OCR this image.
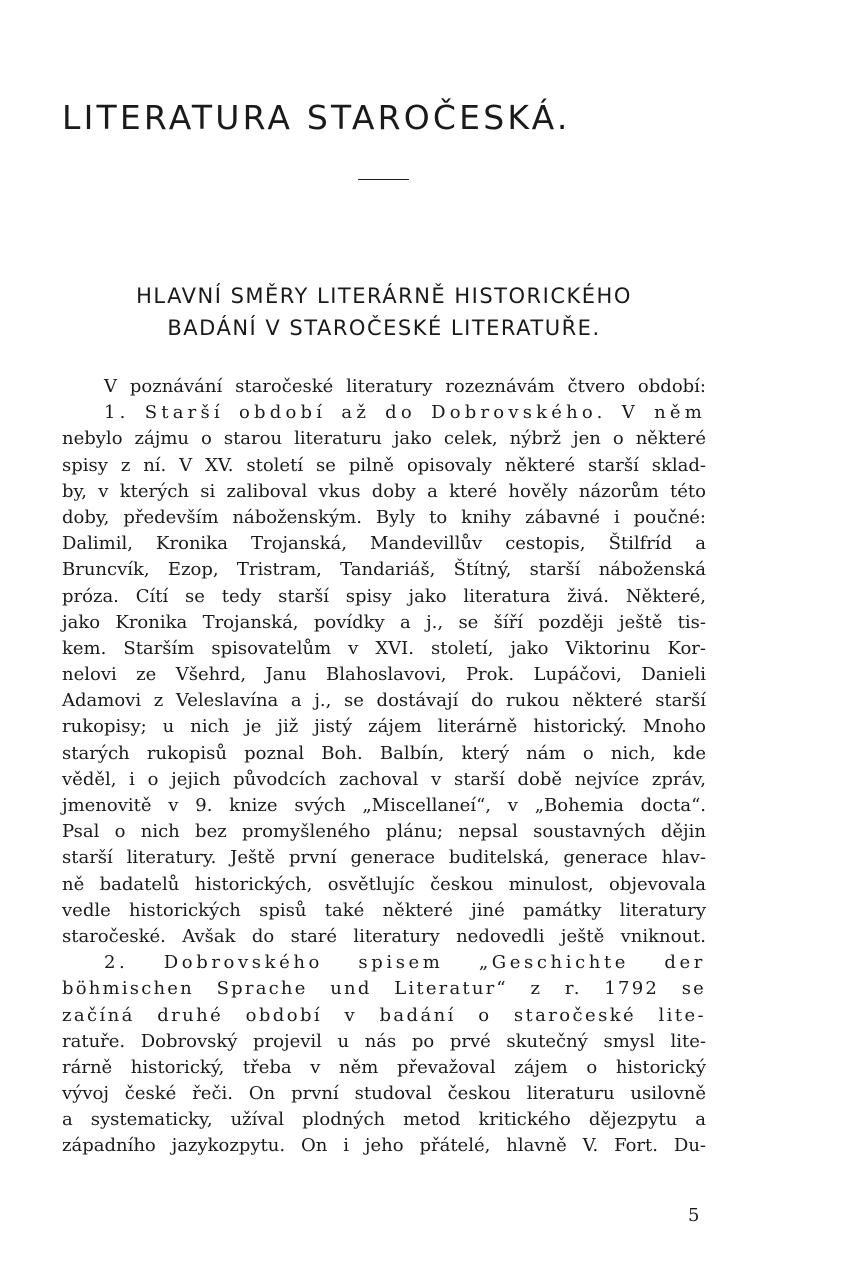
LITERATURA STAROČESKÁ.
HLAVNÍ SMĚRY LITERÁRNĚ HISTORICKÉHO
BADÁNÍ V STAROČESKÉ LITERATUŘE.
V poznávání staročeské literatury rozeznávám čtvero období:
1. Starší období až do Dobrovského. V něm
nebylo zájmu o starou literaturu jako celek, nýbrž jen o některé
spisy z ní. V XV. století se pilně opisovaly některé starší sklad-
by, v kterých si zaliboval vkus doby a které hověly názorům této
doby, především náboženským. Byly to knihy zábavné i poučné:
Dalimil, Kronika Trojanská, Mandevillův cestopis, Štilfríd a
Bruncvík, Ezop, Tristram, Tandariáš, Štítný, starší náboženská
próza. Cítí se tedy starší spisy jako literatura živá. Některé,
jako Kronika Trojanská, povídky a j., se šíří později ještě tis-
kem. Starším spisovatelům v XVI. století, jako Viktorinu Kor-
nelovi ze Všehrd, Janu Blahoslavovi, Prok. Lupáčovi, Danieli
Adamovi z Veleslavína a j., se dostávají do rukou některé starší
rukopisy; u nich je již jistý zájem literárně historický. Mnoho
starých rukopisů poznal Boh. Balbín, který nám o nich, kde
věděl, i o jejich původcích zachoval v starší době nejvíce zpráv,
jmenovitě v 9. knize svých „Miscellaneí“, v „Bohemia docta“.
Psal o nich bez promyšleného plánu; nepsal soustavných dějin
starší literatury. Ještě první generace buditelská, generace hlav-
ně badatelů historických, osvětlujíc českou minulost, objevovala
vedle historických spisů také některé jiné památky literatury
staročeské. Avšak do staré literatury nedovedli ještě vniknout.
2. Dobrovského spisem „Geschichte der
böhmischen Sprache und Literatur“ z r. 1792 se
začíná druhé období v badání o staročeské lite-
ratuře. Dobrovský projevil u nás po prvé skutečný smysl lite-
rárně historický, třeba v něm převažoval zájem o historický
vývoj české řeči. On první studoval českou literaturu usilovně
a systematicky, užíval plodných metod kritického dějezpytu a
západního jazykozpytu. On i jeho přátelé, hlavně V. Fort. Du-
5
